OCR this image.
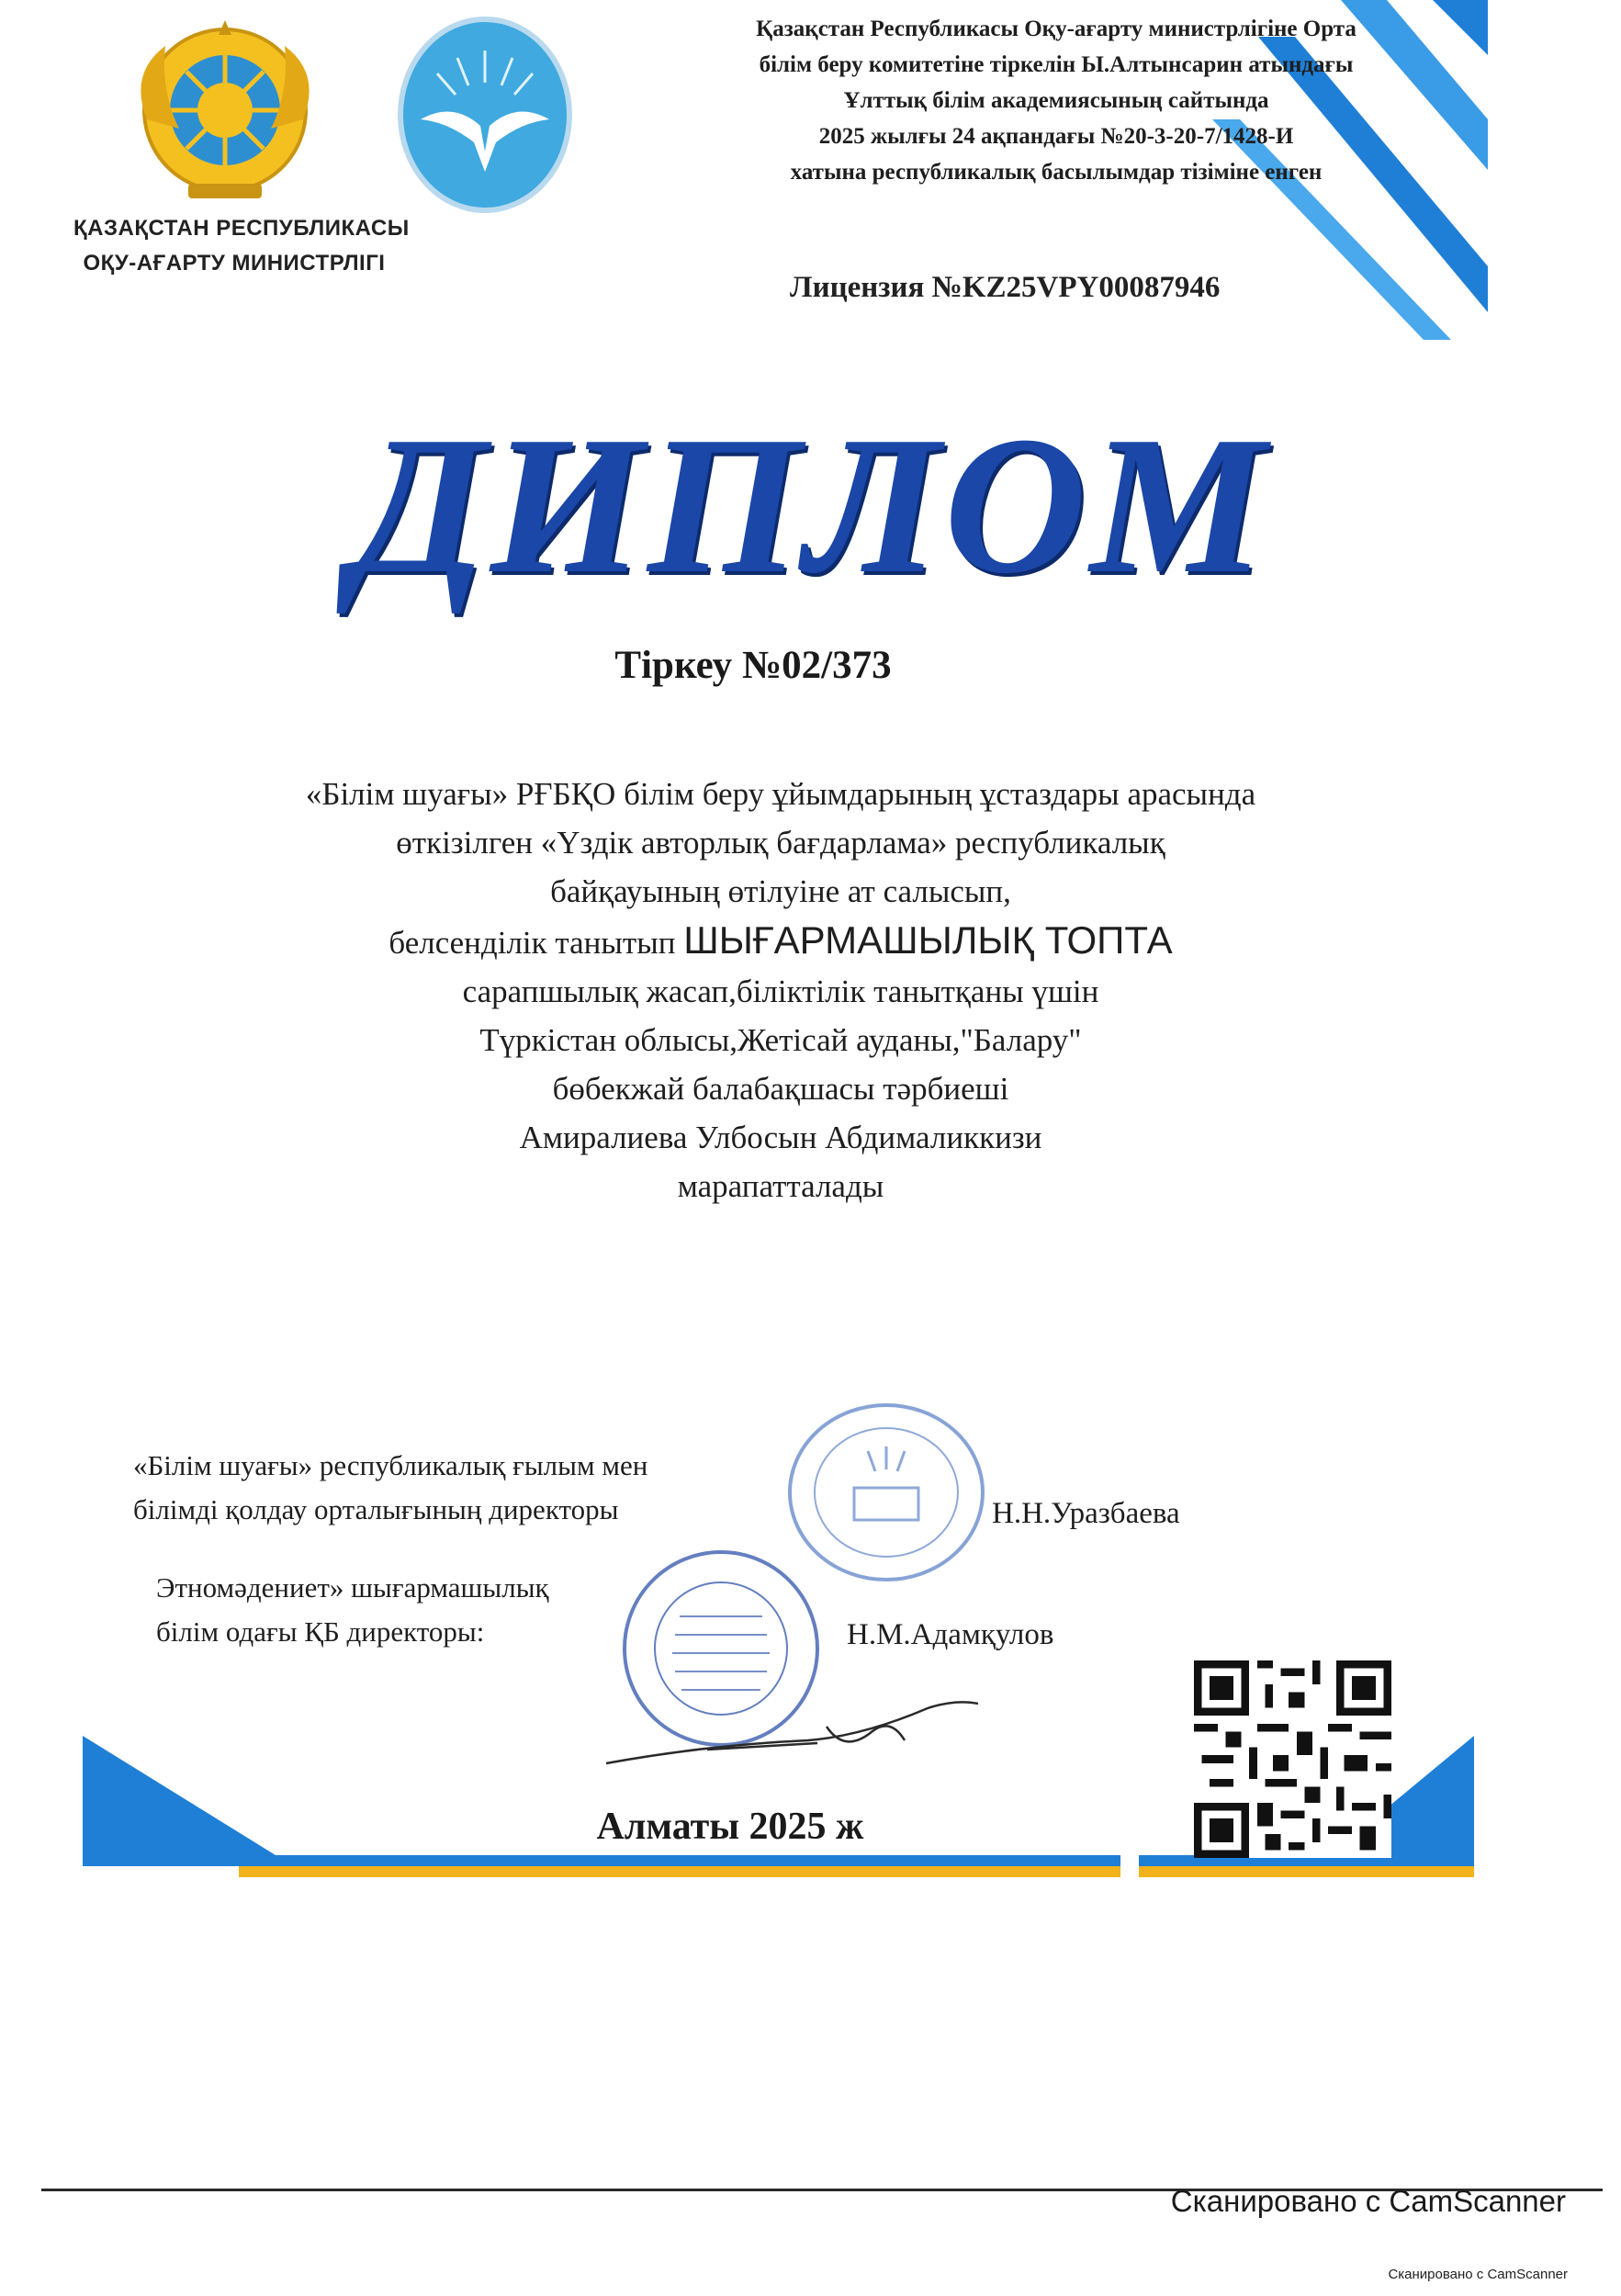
ҚАЗАҚСТАН РЕСПУБЛИКАСЫ
ОҚУ-АҒАРТУ МИНИСТРЛІГІ
Қазақстан Республикасы Оқу-ағарту министрлігіне Орта
білім беру комитетіне тіркелін Ы.Алтынсарин атындағы
Ұлттық білім академиясының сайтында
2025 жылғы 24 ақпандағы №20-3-20-7/1428-И
хатына республикалық басылымдар тізіміне енген
Лицензия №KZ25VPY00087946
ДИПЛОМ
Тіркеу №02/373
«Білім шуағы» РҒБҚО білім беру ұйымдарының ұстаздары арасында
өткізілген «Үздік авторлық бағдарлама» республикалық
байқауының өтілуіне ат салысып,
белсенділік танытып ШЫҒАРМАШЫЛЫҚ ТОПТА
сарапшылық жасап,біліктілік танытқаны үшін
Түркістан облысы,Жетісай ауданы,"Балару"
бөбекжай балабақшасы тәрбиеші
Амиралиева Улбосын Абдималиккизи
марапатталады
«Білім шуағы» республикалық ғылым мен
білімді қолдау орталығының директоры	Н.Н.Уразбаева
Этномәдениет» шығармашылық
білім одағы ҚБ директоры:	Н.М.Адамқулов
Алматы 2025 ж
Сканировано с CamScanner
Сканировано с CamScanner
